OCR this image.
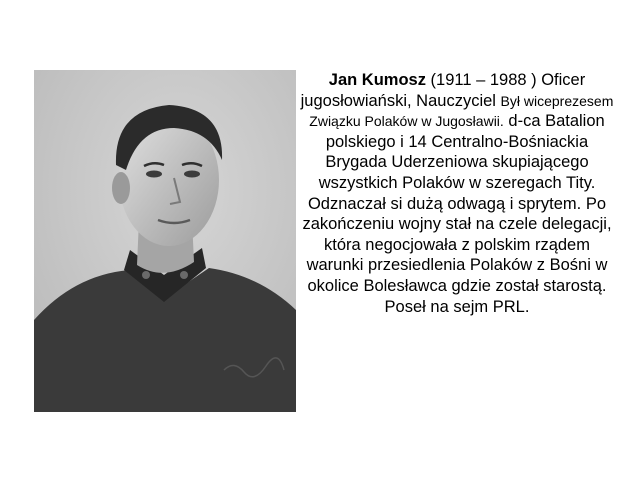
Jan Kumosz (1911 – 1988 ) Oficer jugosłowiański, Nauczyciel Był wiceprezesem Związku Polaków w Jugosławii. d-ca Batalion polskiego i 14 Centralno-Bośniackia Brygada Uderzeniowa skupiającego wszystkich Polaków w szeregach Tity. Odznaczał si dużą odwagą i sprytem. Po zakończeniu wojny stał na czele delegacji, która negocjowała z polskim rządem warunki przesiedlenia Polaków z Bośni w okolice Bolesławca gdzie został starostą. Poseł na sejm PRL.
